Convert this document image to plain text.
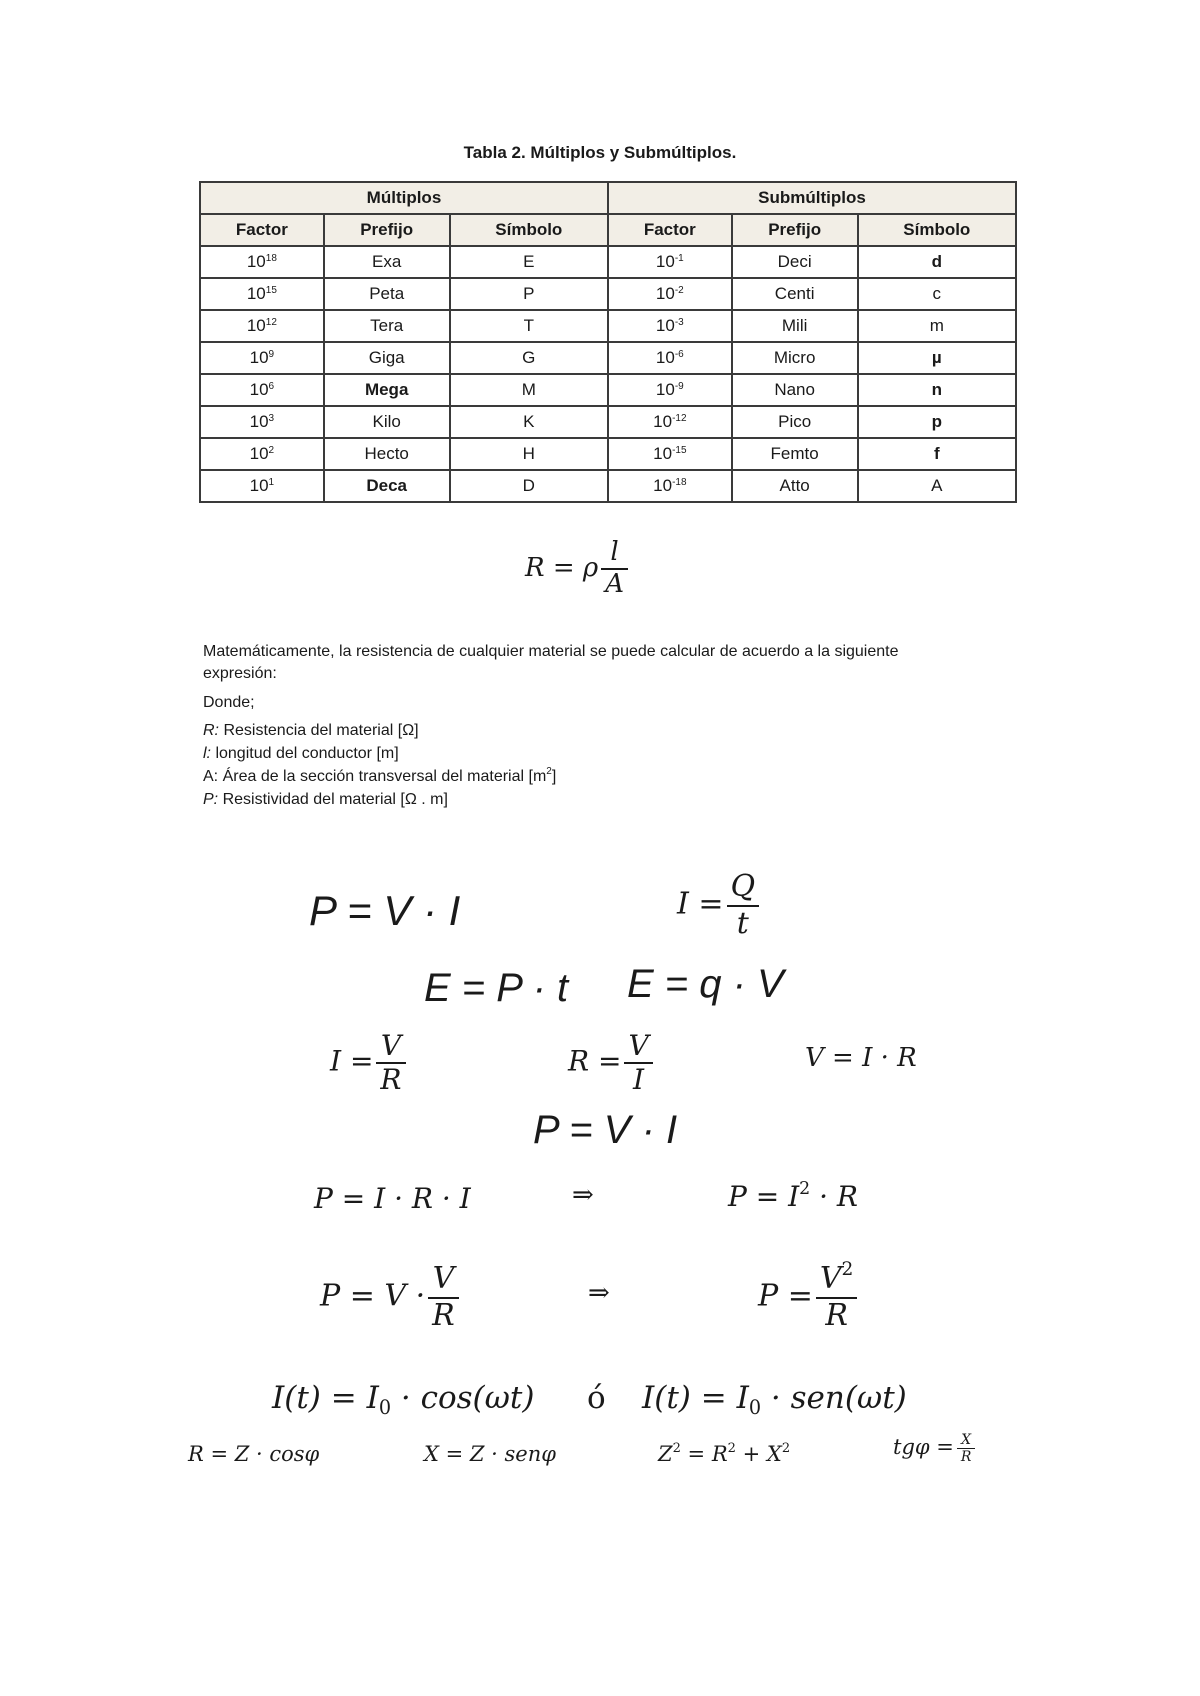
Tabla 2. Múltiplos y Submúltiplos.
Múltiplos			Submúltiplos		
Factor	Prefijo	Símbolo	Factor	Prefijo	Símbolo
$10^{18}$	Exa	E	$10^{-1}$	Deci	d
$10^{15}$	Peta	P	$10^{-2}$	Centi	c
$10^{12}$	Tera	T	$10^{-3}$	Mili	m
$10^9$	Giga	G	$10^{-6}$	Micro	µ
$10^6$	Mega	M	$10^{-9}$	Nano	n
$10^3$	Kilo	K	$10^{-12}$	Pico	p
$10^2$	Hecto	H	$10^{-15}$	Femto	f
$10^1$	Deca	D	$10^{-18}$	Atto	A
R = ρ $\frac{l}{A}$
Matemáticamente, la resistencia de cualquier material se puede calcular de acuerdo a la siguiente
expresión:
Donde;
R: Resistencia del material [Ω]
l: longitud del conductor [m]
A: Área de la sección transversal del material $[m^2]$
P: Resistividad del material [Ω . m]
P = V · I	$I = \frac{Q}{t}$
E = P · t E = q · V
$I = \frac{V}{R}$	$R = \frac{V}{I}$	V = I · R
P = V · I
P = I · R · I	⇒	$P = I^2 \cdot R$
$P = V \cdot \frac{V}{R}$	⇒	$P = \frac{V^2}{R}$
$I(t) = I_0 \cdot \cos(\omega t)$ ó $I(t) = I_0 \cdot sen(\omega t)$
R = Z · cosφ	X = Z · senφ	$Z^2 = R^2 + X^2$	$tg\varphi = \frac{X}{R}$
